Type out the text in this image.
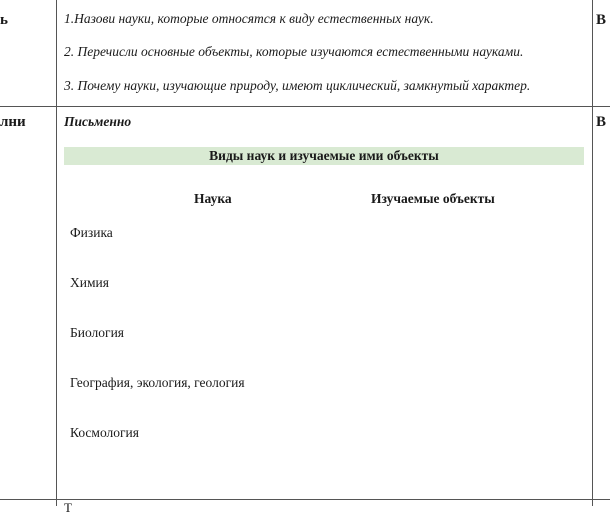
ь
лни
В
В
1.Назови науки, которые относятся к виду естественных наук.
2. Перечисли основные объекты, которые изучаются естественными науками.
3. Почему науки, изучающие природу, имеют циклический, замкнутый характер.
Письменно
Виды наук и изучаемые ими объекты
Наука	Изучаемые объекты
Физика
Химия
Биология
География, экология, геология
Космология
Т
